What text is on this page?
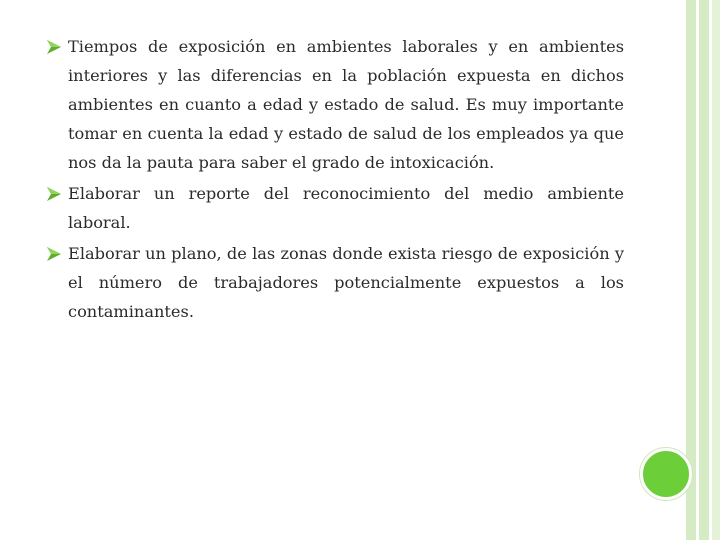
Tiempos de exposición en ambientes laborales y en ambientes interiores y las diferencias en la población expuesta en dichos ambientes en cuanto a edad y estado de salud. Es muy importante tomar en cuenta la edad y estado de salud de los empleados ya que nos da la pauta para saber el grado de intoxicación.
Elaborar un reporte del reconocimiento del medio ambiente laboral.
Elaborar un plano, de las zonas donde exista riesgo de exposición y el número de trabajadores potencialmente expuestos a los contaminantes.
